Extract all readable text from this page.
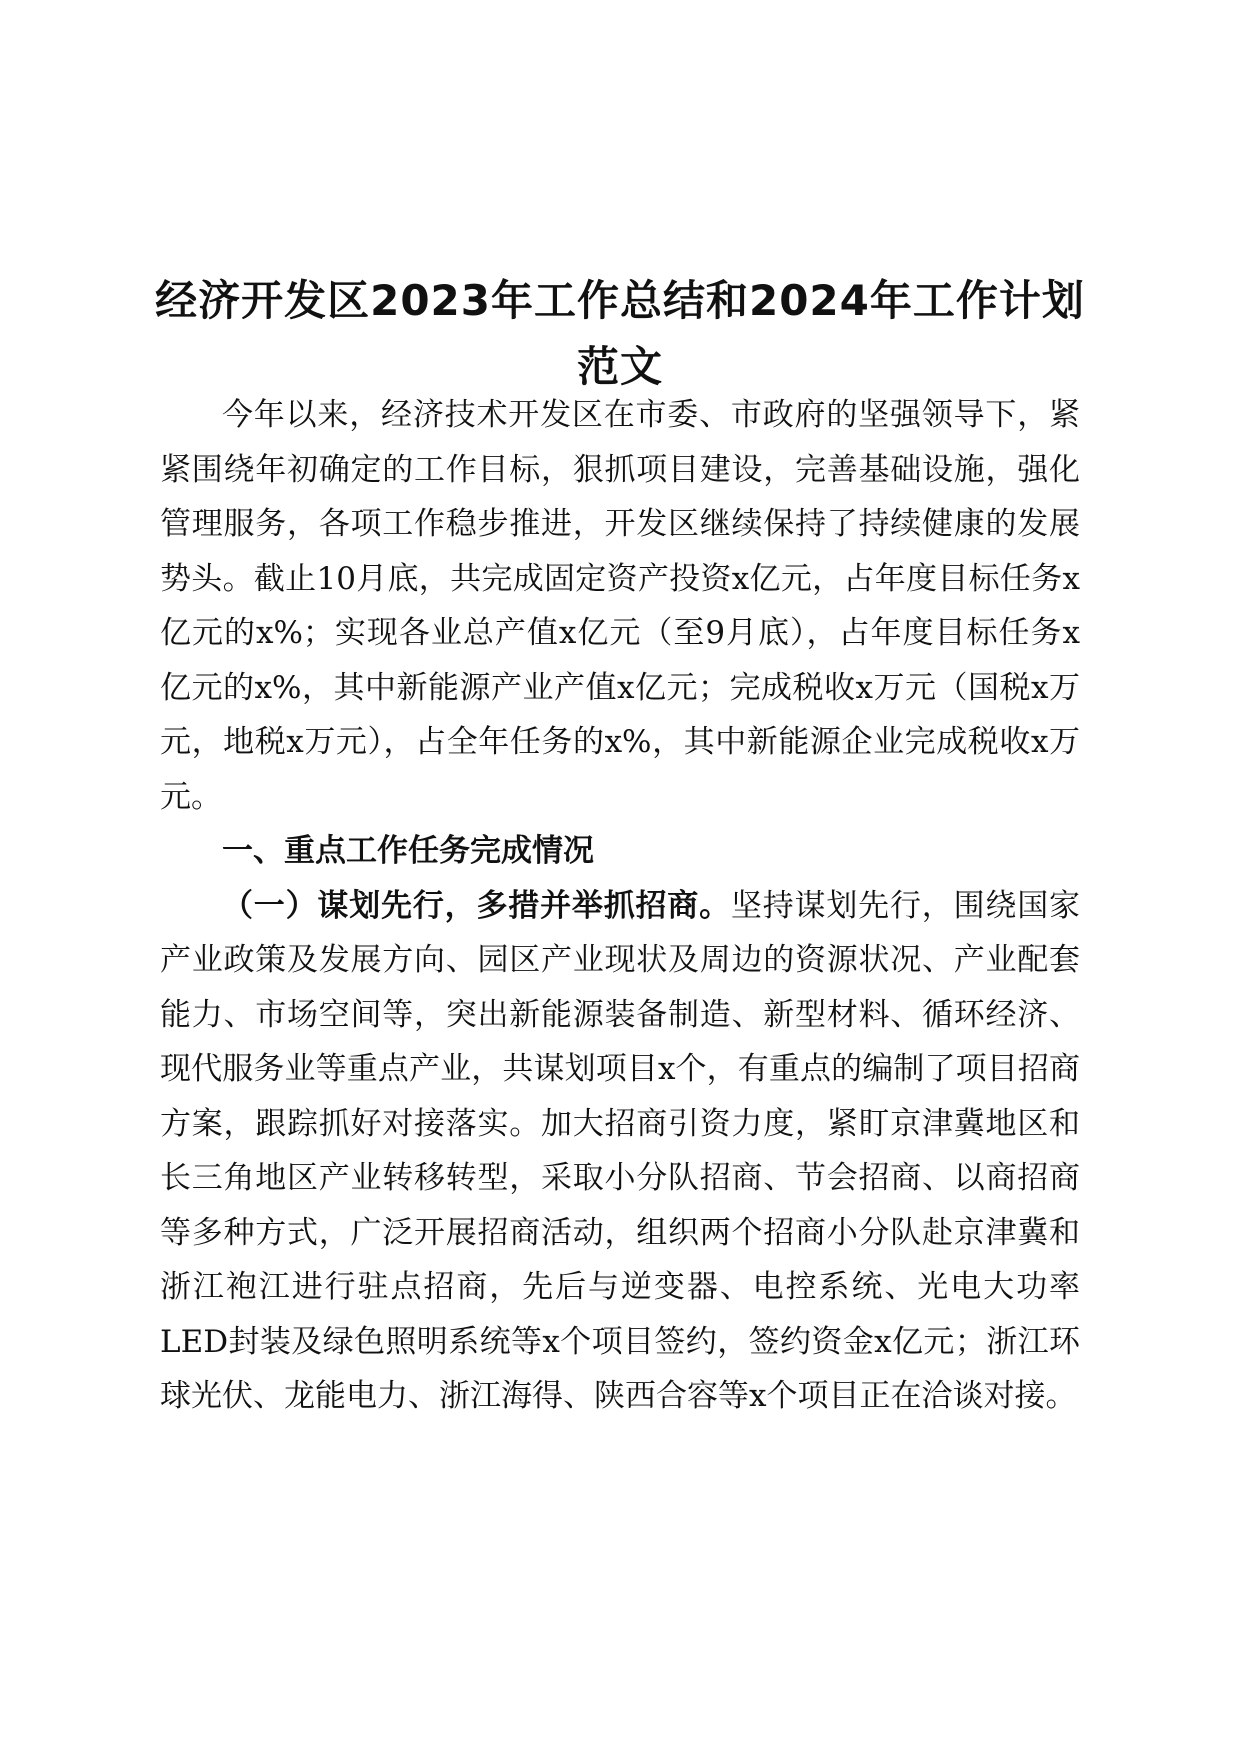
经济开发区2023年工作总结和2024年工作计划范文

今年以来，经济技术开发区在市委、市政府的坚强领导下，紧紧围绕年初确定的工作目标，狠抓项目建设，完善基础设施，强化管理服务，各项工作稳步推进，开发区继续保持了持续健康的发展势头。截止10月底，共完成固定资产投资x亿元，占年度目标任务x亿元的x%；实现各业总产值x亿元（至9月底），占年度目标任务x亿元的x%，其中新能源产业产值x亿元；完成税收x万元（国税x万元，地税x万元），占全年任务的x%，其中新能源企业完成税收x万元。

一、重点工作任务完成情况

（一）谋划先行，多措并举抓招商。坚持谋划先行，围绕国家产业政策及发展方向、园区产业现状及周边的资源状况、产业配套能力、市场空间等，突出新能源装备制造、新型材料、循环经济、现代服务业等重点产业，共谋划项目x个，有重点的编制了项目招商方案，跟踪抓好对接落实。加大招商引资力度，紧盯京津冀地区和长三角地区产业转移转型，采取小分队招商、节会招商、以商招商等多种方式，广泛开展招商活动，组织两个招商小分队赴京津冀和浙江袍江进行驻点招商，先后与逆变器、电控系统、光电大功率LED封装及绿色照明系统等x个项目签约，签约资金x亿元；浙江环球光伏、龙能电力、浙江海得、陕西合容等x个项目正在洽谈对接。
